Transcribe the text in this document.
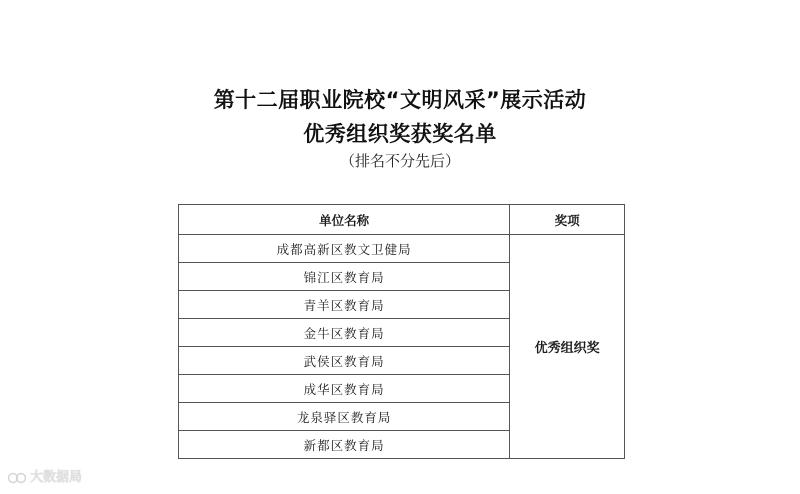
第十二届职业院校“文明风采”展示活动
优秀组织奖获奖名单
（排名不分先后）
单位名称	奖项
成都高新区教文卫健局	优秀组织奖
锦江区教育局	
青羊区教育局	
金牛区教育局	
武侯区教育局	
成华区教育局	
龙泉驿区教育局	
新都区教育局	
大数据局
